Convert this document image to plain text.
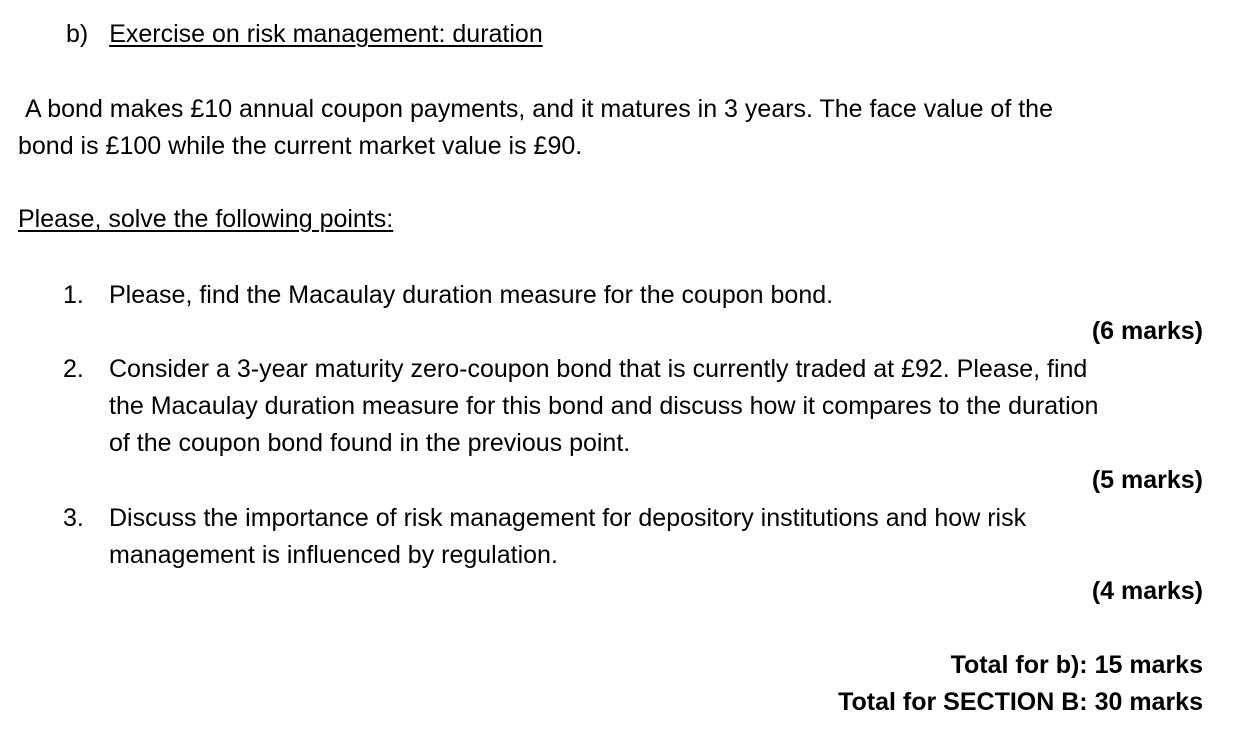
b) Exercise on risk management: duration
A bond makes £10 annual coupon payments, and it matures in 3 years. The face value of the
bond is £100 while the current market value is £90.
Please, solve the following points:
1. Please, find the Macaulay duration measure for the coupon bond.
(6 marks)
2. Consider a 3-year maturity zero-coupon bond that is currently traded at £92. Please, find
the Macaulay duration measure for this bond and discuss how it compares to the duration
of the coupon bond found in the previous point.
(5 marks)
3. Discuss the importance of risk management for depository institutions and how risk
management is influenced by regulation.
(4 marks)
Total for b): 15 marks
Total for SECTION B: 30 marks
